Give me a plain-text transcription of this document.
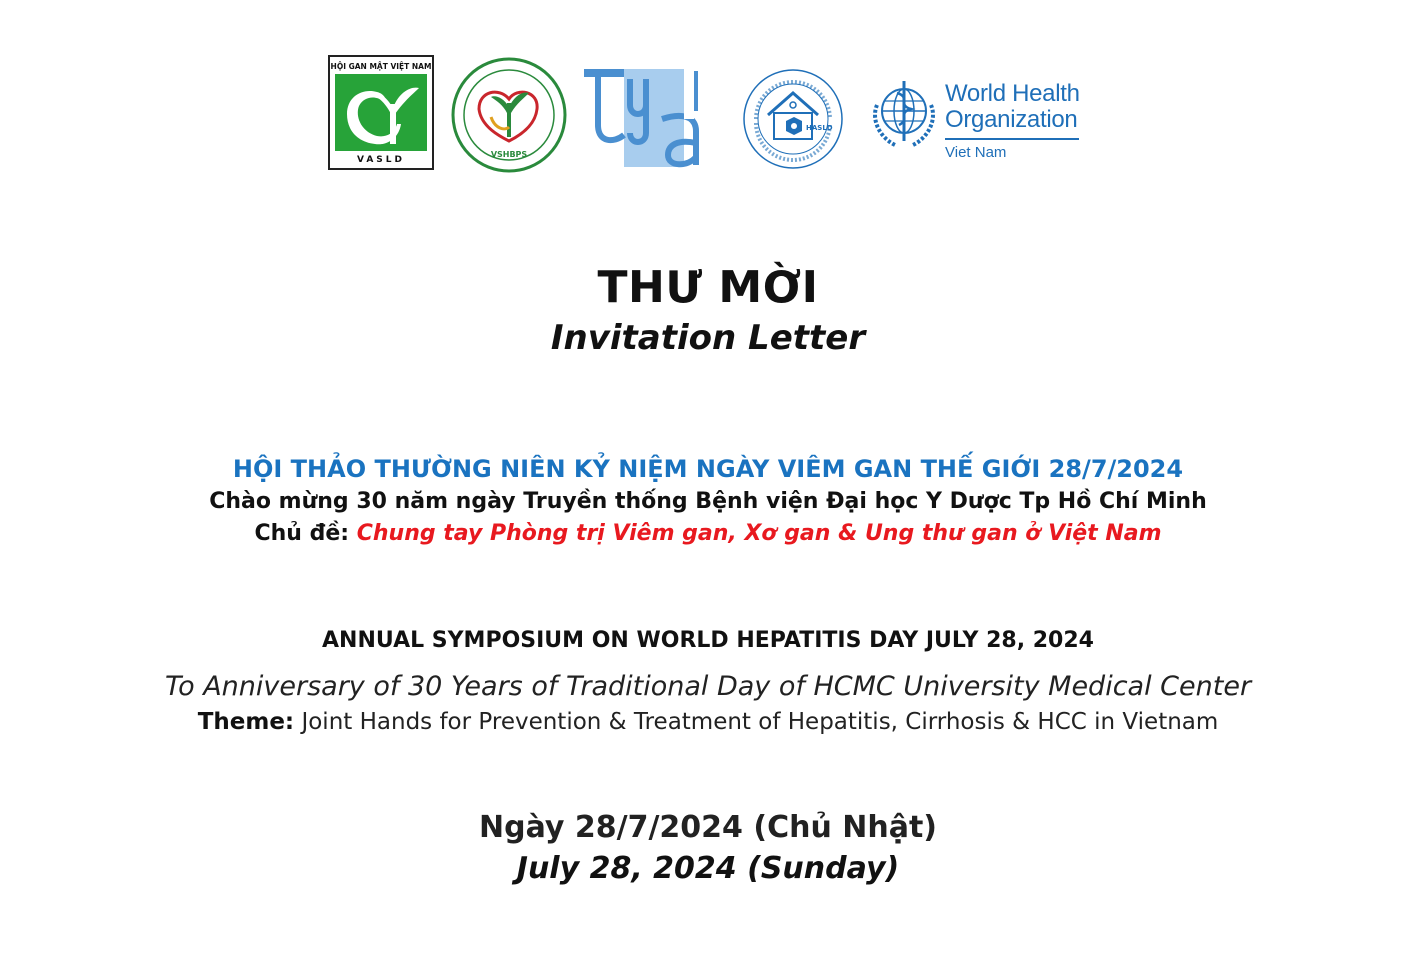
HỘI GAN MẬT VIỆT NAM
VASLD
VSHBPS
HASLD
World Health
Organization
Viet Nam
THƯ MỜI
Invitation Letter
HỘI THẢO THƯỜNG NIÊN KỶ NIỆM NGÀY VIÊM GAN THẾ GIỚI 28/7/2024
Chào mừng 30 năm ngày Truyền thống Bệnh viện Đại học Y Dược Tp Hồ Chí Minh
Chủ đề: Chung tay Phòng trị Viêm gan, Xơ gan & Ung thư gan ở Việt Nam
ANNUAL SYMPOSIUM ON WORLD HEPATITIS DAY JULY 28, 2024
To Anniversary of 30 Years of Traditional Day of HCMC University Medical Center
Theme: Joint Hands for Prevention & Treatment of Hepatitis, Cirrhosis & HCC in Vietnam
Ngày 28/7/2024 (Chủ Nhật)
July 28, 2024 (Sunday)
